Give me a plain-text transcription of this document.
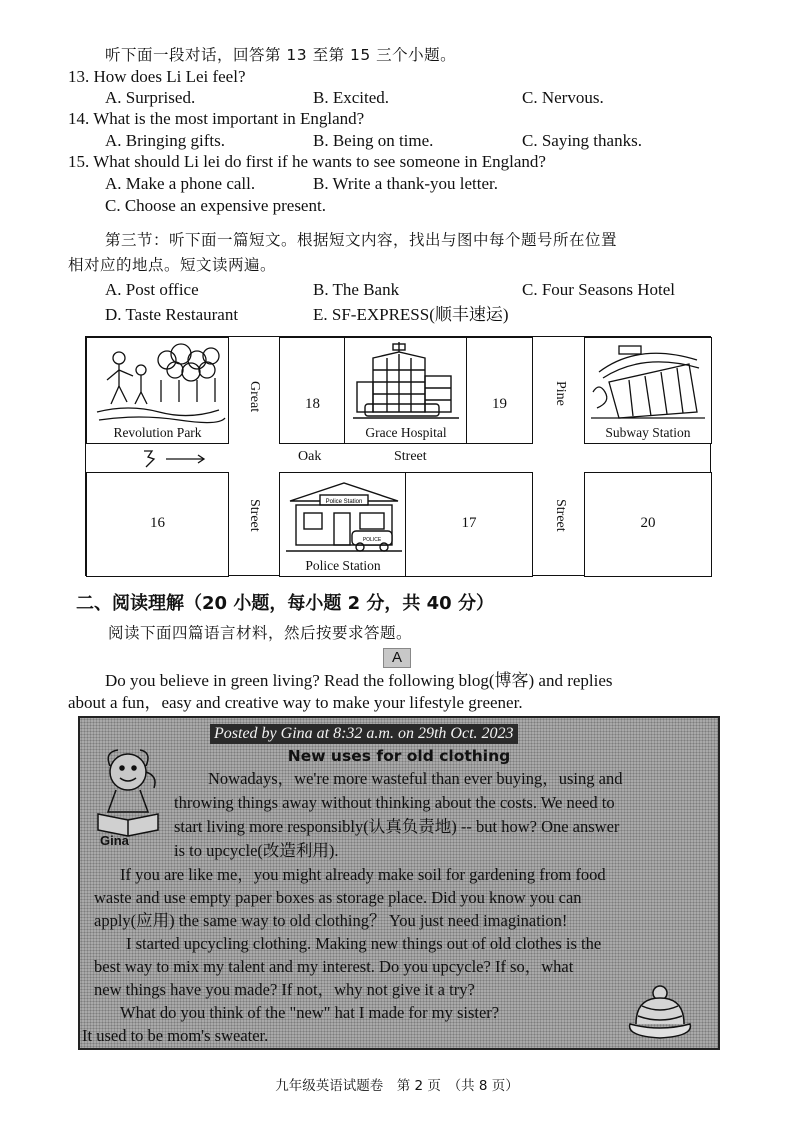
听下面一段对话，回答第 13 至第 15 三个小题。
13. How does Li Lei feel?
A. Surprised.	B. Excited.	C. Nervous.
14. What is the most important in England?
A. Bringing gifts.	B. Being on time.	C. Saying thanks.
15. What should Li lei do first if he wants to see someone in England?
A. Make a phone call.	B. Write a thank-you letter.
C. Choose an expensive present.
第三节：听下面一篇短文。根据短文内容，找出与图中每个题号所在位置
相对应的地点。短文读两遍。
A. Post office	B. The Bank	C. Four Seasons Hotel
D. Taste Restaurant	E. SF-EXPRESS(顺丰速运)
Revolution Park
Great	18
Grace Hospital
19	Pine
Subway Station
Oak	Street
16	Street	Police Station
POLICE
Police Station
17	Street	20
二、阅读理解（20 小题，每小题 2 分，共 40 分）
阅读下面四篇语言材料，然后按要求答题。
A
Do you believe in green living? Read the following blog(博客) and replies
about a fun，easy and creative way to make your lifestyle greener.
Posted by Gina at 8:32 a.m. on 29th Oct. 2023
New uses for old clothing
Gina
Nowadays，we're more wasteful than ever buying，using and
throwing things away without thinking about the costs. We need to
start living more responsibly(认真负责地) -- but how? One answer
is to upcycle(改造利用).
If you are like me，you might already make soil for gardening from food
waste and use empty paper boxes as storage place. Did you know you can
apply(应用) the same way to old clothing？ You just need imagination!
I started upcycling clothing. Making new things out of old clothes is the
best way to mix my talent and my interest. Do you upcycle? If so，what
new things have you made? If not，why not give it a try?
What do you think of the "new" hat I made for my sister?
It used to be mom's sweater.
九年级英语试题卷　第 2 页　（共 8 页）
